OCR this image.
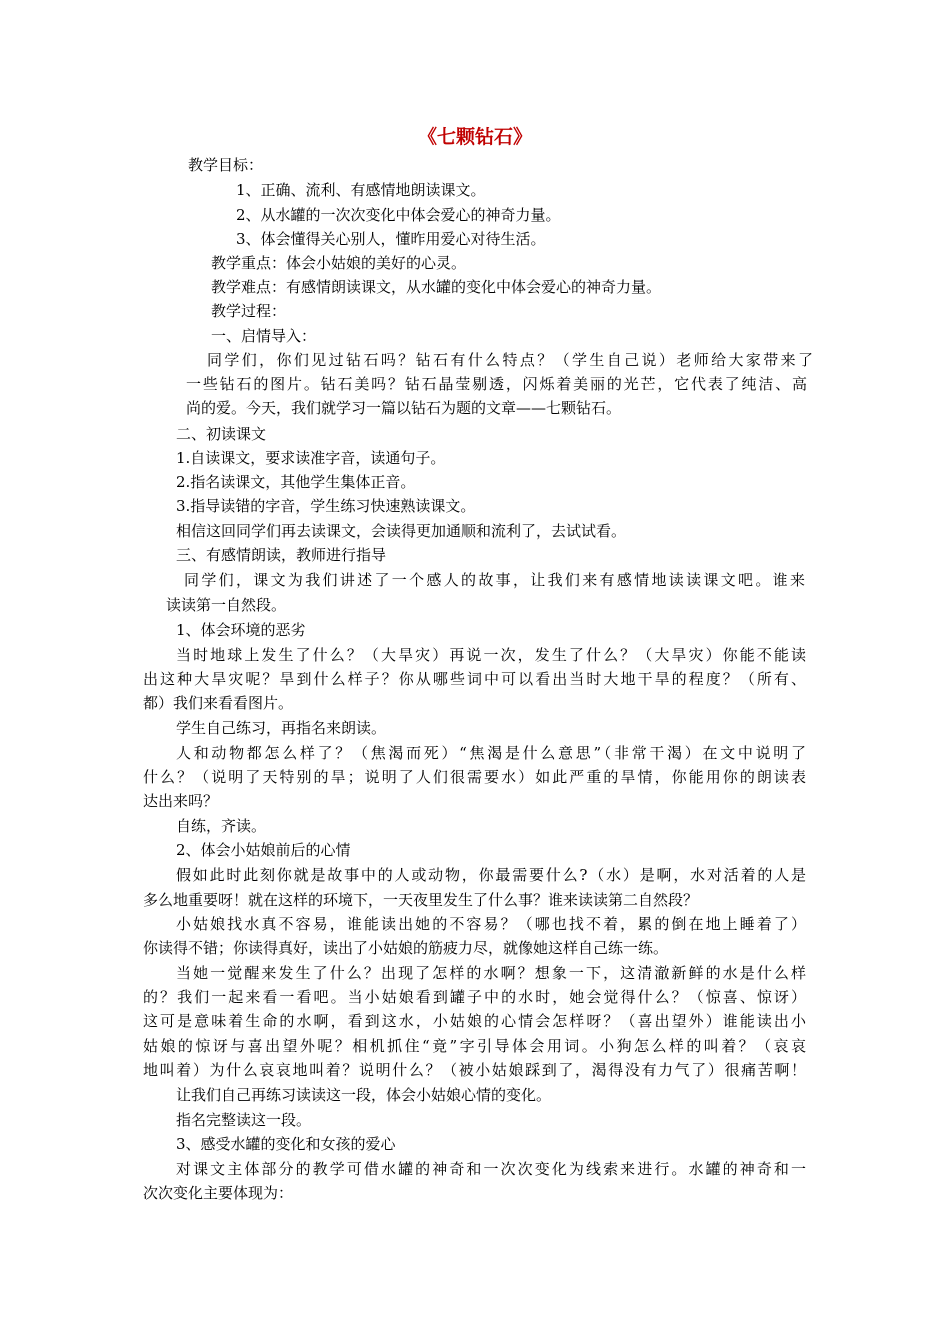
《七颗钻石》
教学目标：
1、正确、流利、有感情地朗读课文。
2、从水罐的一次次变化中体会爱心的神奇力量。
3、体会懂得关心别人，懂昨用爱心对待生活。
教学重点：体会小姑娘的美好的心灵。
教学难点：有感情朗读课文，从水罐的变化中体会爱心的神奇力量。
教学过程：
一、启情导入：
同学们，你们见过钻石吗？钻石有什么特点？（学生自己说）老师给大家带来了
一些钻石的图片。钻石美吗？钻石晶莹剔透，闪烁着美丽的光芒，它代表了纯洁、高
尚的爱。今天，我们就学习一篇以钻石为题的文章——七颗钻石。
二、初读课文
1.自读课文，要求读准字音，读通句子。
2.指名读课文，其他学生集体正音。
3.指导读错的字音，学生练习快速熟读课文。
相信这回同学们再去读课文，会读得更加通顺和流利了，去试试看。
三、有感情朗读，教师进行指导
同学们，课文为我们讲述了一个感人的故事，让我们来有感情地读读课文吧。谁来
读读第一自然段。
1、体会环境的恶劣
当时地球上发生了什么？（大旱灾）再说一次，发生了什么？（大旱灾）你能不能读
出这种大旱灾呢？旱到什么样子？你从哪些词中可以看出当时大地干旱的程度？（所有、
都）我们来看看图片。
学生自己练习，再指名来朗读。
人和动物都怎么样了？（焦渴而死）“焦渴是什么意思”（非常干渴）在文中说明了
什么？（说明了天特别的旱；说明了人们很需要水）如此严重的旱情，你能用你的朗读表
达出来吗？
自练，齐读。
2、体会小姑娘前后的心情
假如此时此刻你就是故事中的人或动物，你最需要什么?（水）是啊，水对活着的人是
多么地重要呀！就在这样的环境下，一天夜里发生了什么事？谁来读读第二自然段？
小姑娘找水真不容易，谁能读出她的不容易？（哪也找不着，累的倒在地上睡着了）
你读得不错；你读得真好，读出了小姑娘的筋疲力尽，就像她这样自己练一练。
当她一觉醒来发生了什么？出现了怎样的水啊？想象一下，这清澈新鲜的水是什么样
的？我们一起来看一看吧。当小姑娘看到罐子中的水时，她会觉得什么？（惊喜、惊讶）
这可是意味着生命的水啊，看到这水，小姑娘的心情会怎样呀？（喜出望外）谁能读出小
姑娘的惊讶与喜出望外呢？相机抓住“竟”字引导体会用词。小狗怎么样的叫着？（哀哀
地叫着）为什么哀哀地叫着？说明什么？（被小姑娘踩到了，渴得没有力气了）很痛苦啊！
让我们自己再练习读读这一段，体会小姑娘心情的变化。
指名完整读这一段。
3、感受水罐的变化和女孩的爱心
对课文主体部分的教学可借水罐的神奇和一次次变化为线索来进行。水罐的神奇和一
次次变化主要体现为：
